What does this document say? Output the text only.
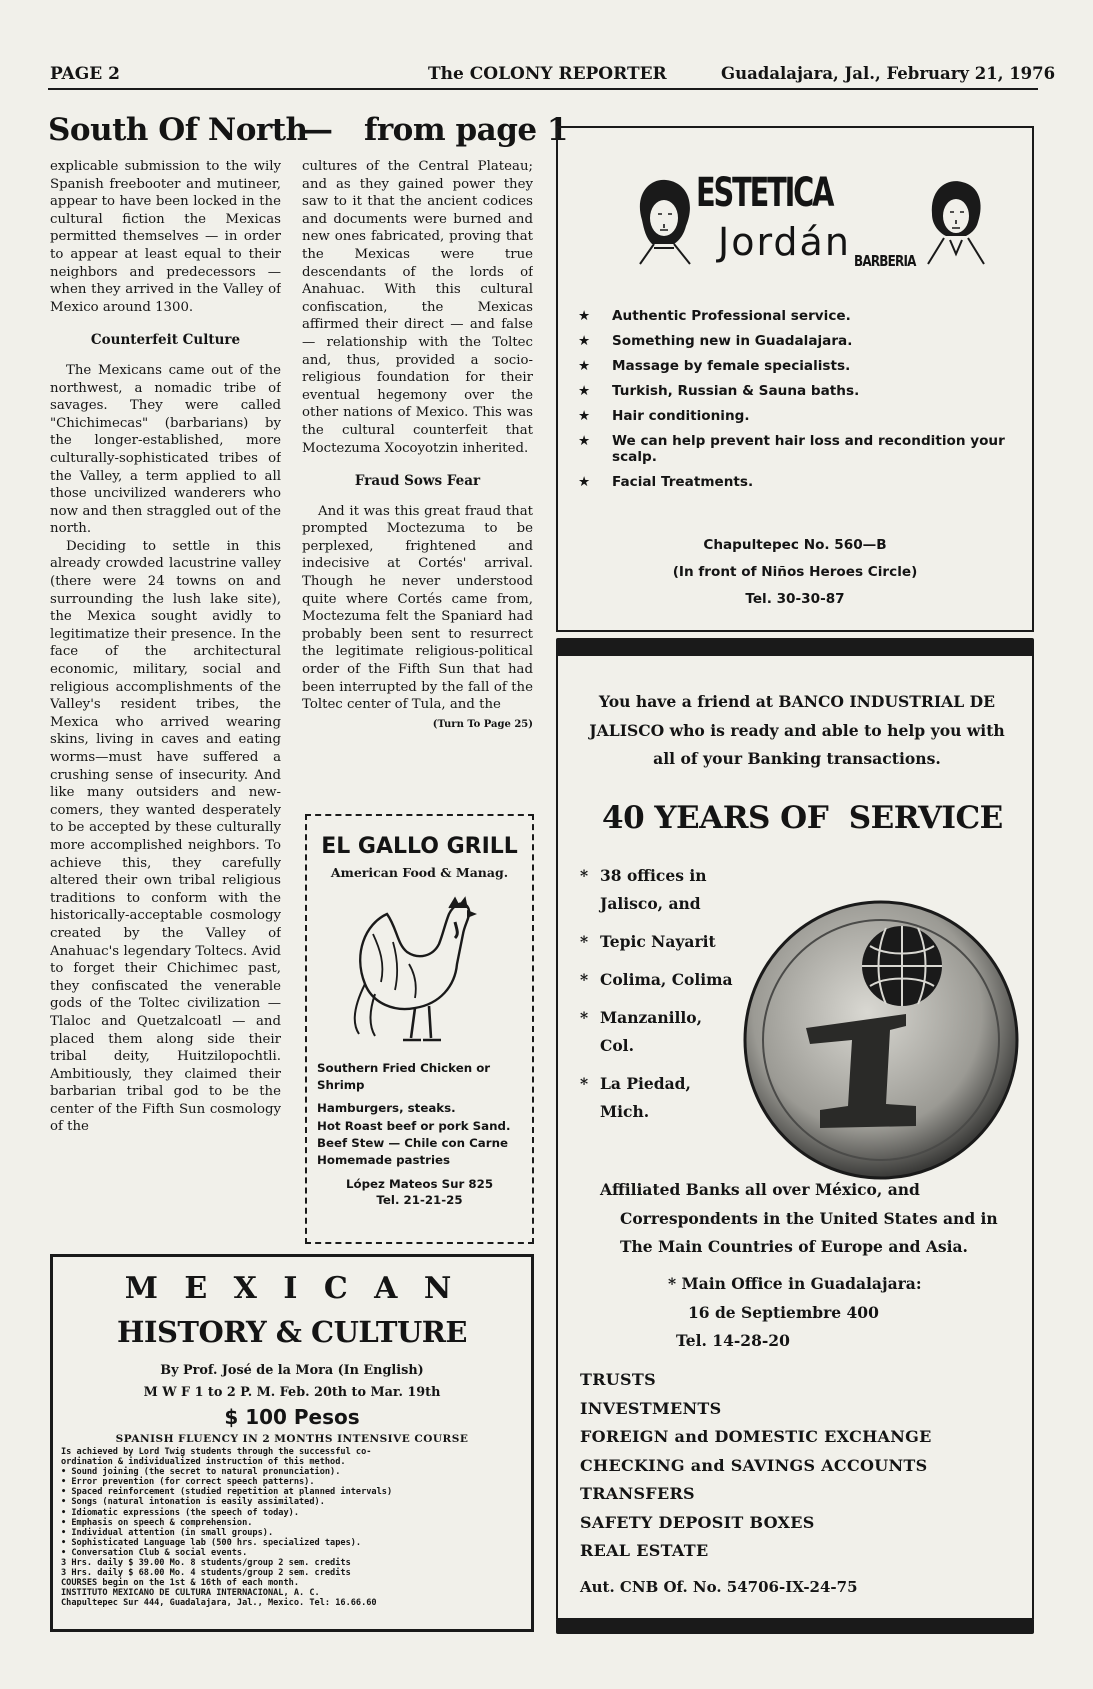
PAGE 2	The COLONY REPORTER	Guadalajara, Jal., February 21, 1976
South Of North
— from page 1

explicable submission to the wily Spanish freebooter and mutineer, appear to have been locked in the cultural fiction the Mexicas permitted themselves — in order to appear at least equal to their neighbors and predecessors — when they arrived in the Valley of Mexico around 1300.

Counterfeit Culture

The Mexicans came out of the northwest, a nomadic tribe of savages. They were called "Chichimecas" (barbarians) by the longer-established, more culturally-sophisticated tribes of the Valley, a term applied to all those uncivilized wanderers who now and then straggled out of the north.

Deciding to settle in this already crowded lacustrine valley (there were 24 towns on and surrounding the lush lake site), the Mexica sought avidly to legitimatize their presence. In the face of the architectural economic, military, social and religious accomplishments of the Valley's resident tribes, the Mexica who arrived wearing skins, living in caves and eating worms—must have suffered a crushing sense of insecurity. And like many outsiders and new-comers, they wanted desperately to be accepted by these culturally more accomplished neighbors. To achieve this, they carefully altered their own tribal religious traditions to conform with the historically-acceptable cosmology created by the Valley of Anahuac's legendary Toltecs. Avid to forget their Chichimec past, they confiscated the venerable gods of the Toltec civilization — Tlaloc and Quetzalcoatl — and placed them along side their tribal deity, Huitzilopochtli. Ambitiously, they claimed their barbarian tribal god to be the center of the Fifth Sun cosmology of the

cultures of the Central Plateau; and as they gained power they saw to it that the ancient codices and documents were burned and new ones fabricated, proving that the Mexicas were true descendants of the lords of Anahuac. With this cultural confiscation, the Mexicas affirmed their direct — and false — relationship with the Toltec and, thus, provided a socio-religious foundation for their eventual hegemony over the other nations of Mexico. This was the cultural counterfeit that Moctezuma Xocoyotzin inherited.

Fraud Sows Fear

And it was this great fraud that prompted Moctezuma to be perplexed, frightened and indecisive at Cortés' arrival. Though he never understood quite where Cortés came from, Moctezuma felt the Spaniard had probably been sent to resurrect the legitimate religious-political order of the Fifth Sun that had been interrupted by the fall of the Toltec center of Tula, and the

(Turn To Page 25)
EL GALLO GRILL
American Food & Manag.
Southern Fried Chicken or Shrimp
Hamburgers, steaks.
Hot Roast beef or pork Sand.
Beef Stew — Chile con Carne
Homemade pastries
López Mateos Sur 825
Tel. 21-21-25
ESTETICA
Jordán BARBERIA
★ Authentic Professional service.
★ Something new in Guadalajara.
★ Massage by female specialists.
★ Turkish, Russian & Sauna baths.
★ Hair conditioning.
★ We can help prevent hair loss and recondition your scalp.
★ Facial Treatments.
Chapultepec No. 560—B
(In front of Niños Heroes Circle)
Tel. 30-30-87
You have a friend at BANCO INDUSTRIAL DE JALISCO who is ready and able to help you with all of your Banking transactions.
40 YEARS OF  SERVICE
* 38 offices in Jalisco, and
* Tepic Nayarit
* Colima, Colima
* Manzanillo, Col.
* La Piedad, Mich.
Affiliated Banks all over México, and Correspondents in the United States and in The Main Countries of Europe and Asia.
* Main Office in Guadalajara:
16 de Septiembre 400
Tel. 14-28-20
TRUSTS
INVESTMENTS
FOREIGN and DOMESTIC EXCHANGE
CHECKING and SAVINGS ACCOUNTS
TRANSFERS
SAFETY DEPOSIT BOXES
REAL ESTATE
Aut. CNB Of. No. 54706-IX-24-75
M E X I C A N
HISTORY & CULTURE
By Prof. José de la Mora (In English)
M W F 1 to 2 P. M. Feb. 20th to Mar. 19th
$ 100 Pesos
SPANISH FLUENCY IN 2 MONTHS INTENSIVE COURSE
Is achieved by Lord Twig students through the successful co-
ordination & individualized instruction of this method.
• Sound joining (the secret to natural pronunciation).
• Error prevention (for correct speech patterns).
• Spaced reinforcement (studied repetition at planned intervals)
• Songs (natural intonation is easily assimilated).
• Idiomatic expressions (the speech of today).
• Emphasis on speech & comprehension.
• Individual attention (in small groups).
• Sophisticated Language lab (500 hrs. specialized tapes).
• Conversation Club & social events.
3 Hrs. daily $ 39.00 Mo. 8 students/group 2 sem. credits
3 Hrs. daily $ 68.00 Mo. 4 students/group 2 sem. credits
COURSES begin on the 1st & 16th of each month.
INSTITUTO MEXICANO DE CULTURA INTERNACIONAL, A. C.
Chapultepec Sur 444, Guadalajara, Jal., Mexico. Tel: 16.66.60
